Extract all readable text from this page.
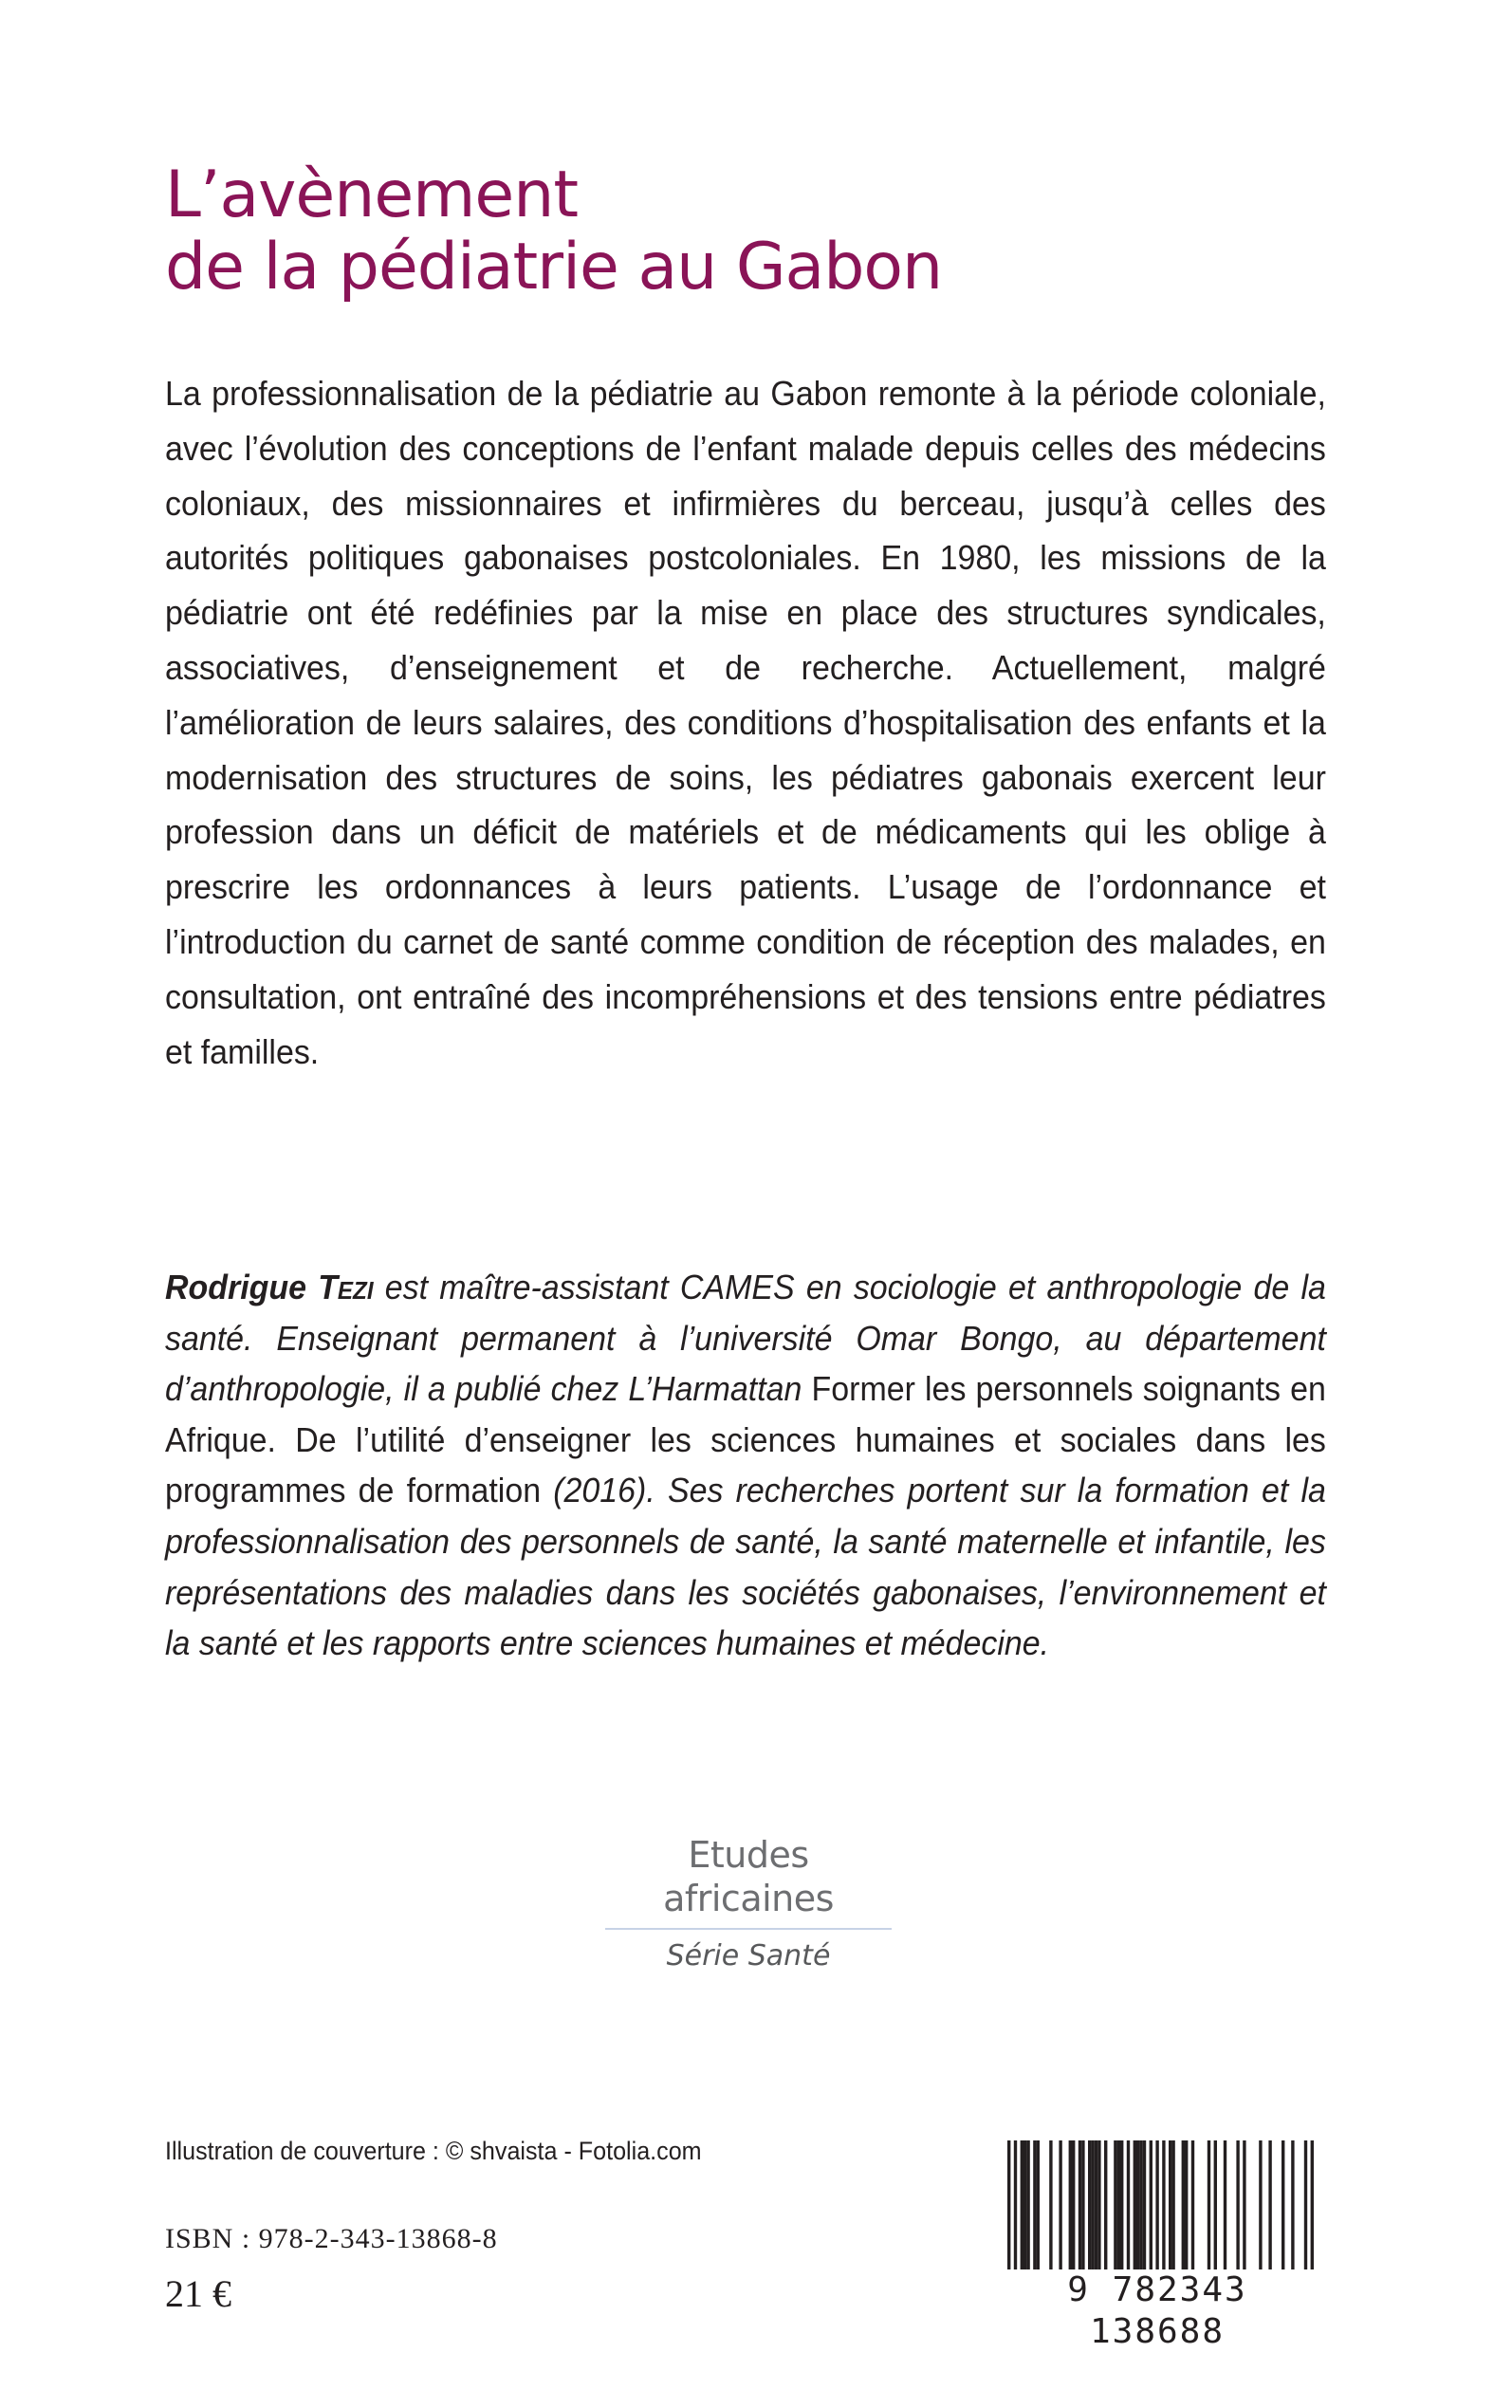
L’avènement
de la pédiatrie au Gabon

La professionnalisation de la pédiatrie au Gabon remonte à la période coloniale, avec l’évolution des conceptions de l’enfant malade depuis celles des médecins coloniaux, des missionnaires et infirmières du berceau, jusqu’à celles des autorités politiques gabonaises postcoloniales. En 1980, les missions de la pédiatrie ont été redéfinies par la mise en place des structures syndicales, associatives, d’enseignement et de recherche. Actuellement, malgré l’amélioration de leurs salaires, des conditions d’hospitalisation des enfants et la modernisation des structures de soins, les pédiatres gabonais exercent leur profession dans un déficit de matériels et de médicaments qui les oblige à prescrire les ordonnances à leurs patients. L’usage de l’ordonnance et l’introduction du carnet de santé comme condition de réception des malades, en consultation, ont entraîné des incompréhensions et des tensions entre pédiatres et familles.

Rodrigue Tezi est maître-assistant CAMES en sociologie et anthropologie de la santé. Enseignant permanent à l’université Omar Bongo, au département d’anthropologie, il a publié chez L’Harmattan Former les personnels soignants en Afrique. De l’utilité d’enseigner les sciences humaines et sociales dans les programmes de formation (2016). Ses recherches portent sur la formation et la professionnalisation des personnels de santé, la santé maternelle et infantile, les représentations des maladies dans les sociétés gabonaises, l’environnement et la santé et les rapports entre sciences humaines et médecine.

Etudes africaines
Série Santé
Illustration de couverture : © shvaista - Fotolia.com
ISBN : 978-2-343-13868-8
21 €	9 782343 138688
